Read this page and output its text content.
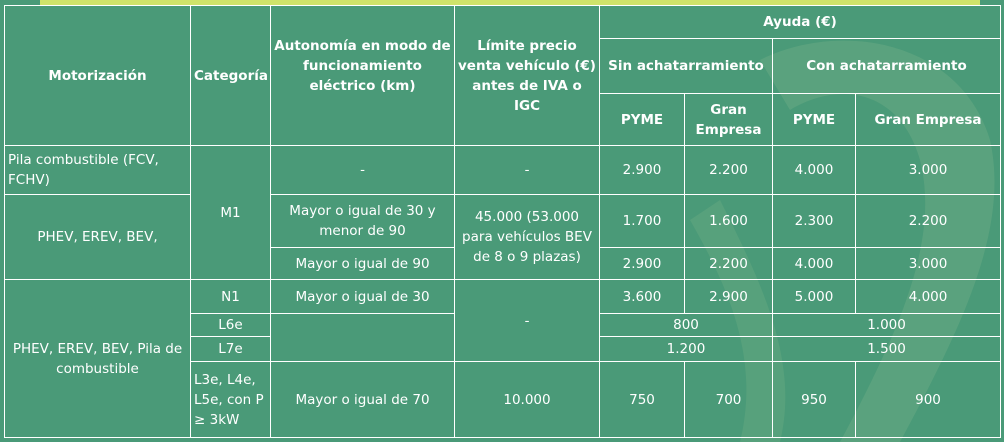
Motorización	Categoría	Autonomía en modo de funcionamiento eléctrico (km)	Límite precio venta vehículo (€) antes de IVA o IGC	Ayuda (€)			
				Sin achatarramiento		Con achatarramiento	
				PYME	Gran Empresa	PYME	Gran Empresa
Pila combustible (FCV, FCHV)	M1	-	-	2.900	2.200	4.000	3.000
PHEV, EREV, BEV,		Mayor o igual de 30 y menor de 90	45.000 (53.000 para vehículos BEV de 8 o 9 plazas)	1.700	1.600	2.300	2.200
		Mayor o igual de 90		2.900	2.200	4.000	3.000
PHEV, EREV, BEV, Pila de combustible	N1	Mayor o igual de 30	-	3.600	2.900	5.000	4.000
	L6e			800		1.000	
	L7e			1.200		1.500	
	L3e, L4e, L5e, con P ≥ 3kW	Mayor o igual de 70	10.000	750	700	950	900
